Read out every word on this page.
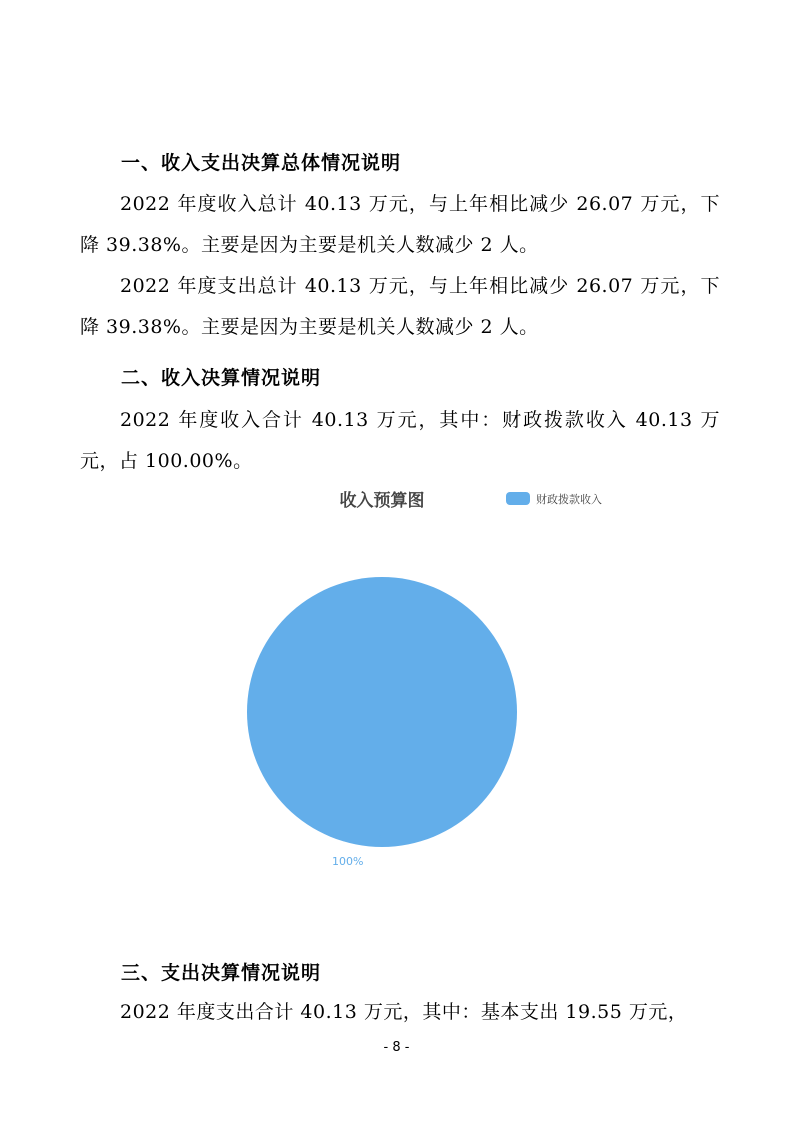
一、收入支出决算总体情况说明

2022 年度收入总计 40.13 万元，与上年相比减少 26.07 万元，下降 39.38%。主要是因为主要是机关人数减少 2 人。

2022 年度支出总计 40.13 万元，与上年相比减少 26.07 万元，下降 39.38%。主要是因为主要是机关人数减少 2 人。

二、收入决算情况说明

2022 年度收入合计 40.13 万元，其中：财政拨款收入 40.13 万元，占 100.00%。

收入预算图	财政拨款收入
100%
三、支出决算情况说明

2022 年度支出合计 40.13 万元，其中：基本支出 19.55 万元，

- 8 -
